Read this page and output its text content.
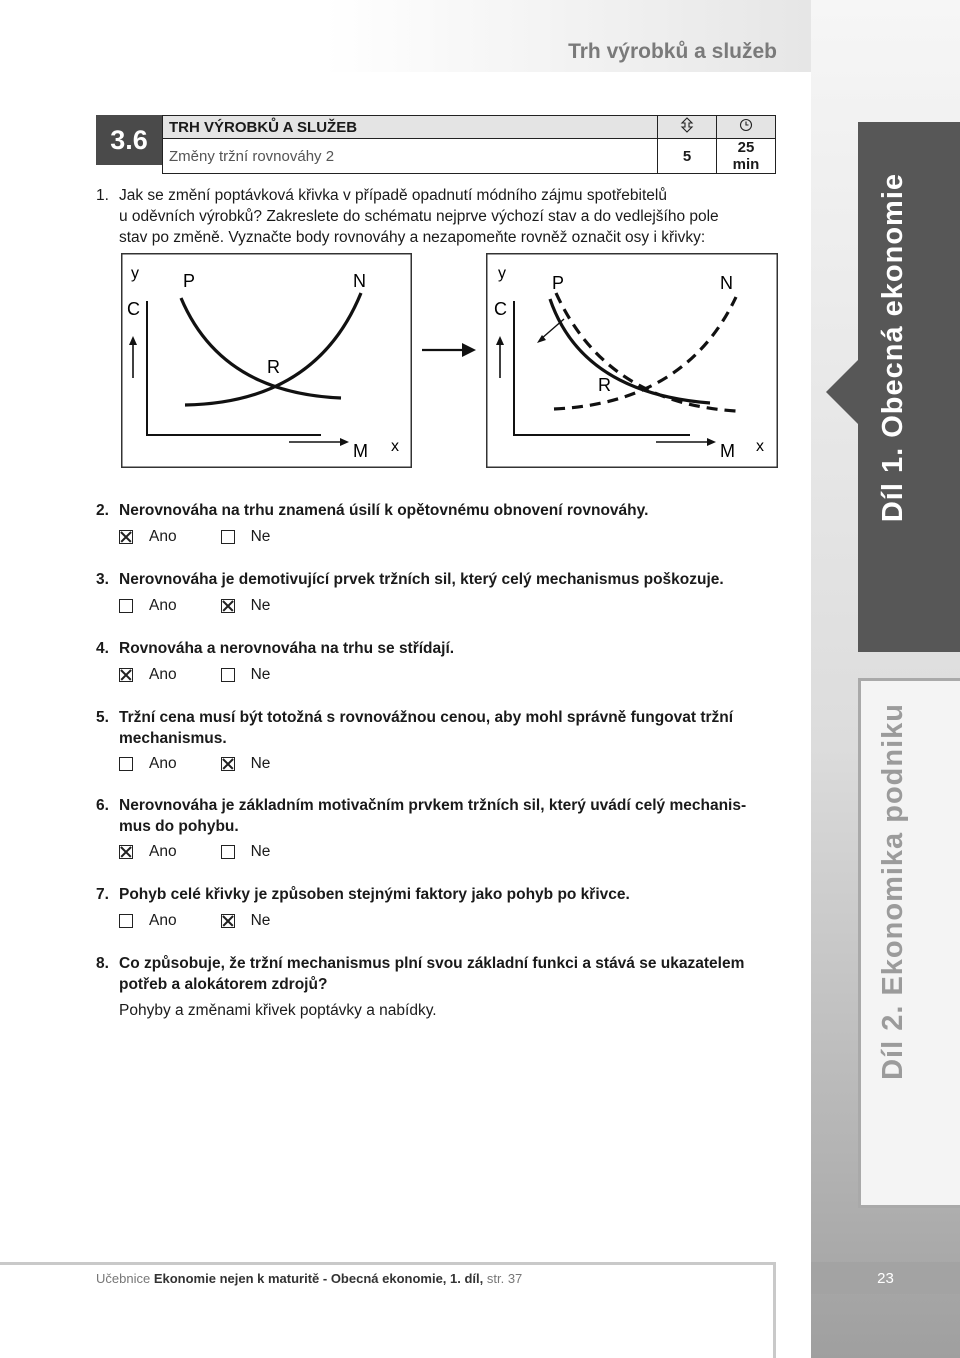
Trh výrobků a služeb
Díl 1. Obecná ekonomie
Díl 2. Ekonomika podniku
3.6	TRH VÝROBKŮ A SLUŽEB		
Změny tržní rovnováhy 2	5	25 min
1. Jak se změní poptávková křivka v případě opadnutí módního zájmu spotřebitelů
u oděvních výrobků? Zakreslete do schématu nejprve výchozí stav a do vedlejšího pole
stav po změně. Vyznačte body rovnováhy a nezapomeňte rovněž označit osy i křivky:
y
C
P	N
R
M x
y
C
P	N
R
M x
2. Nerovnováha na trhu znamená úsilí k opětovnému obnovení rovnováhy.
Ano	Ne
3. Nerovnováha je demotivující prvek tržních sil, který celý mechanismus poškozuje.
Ano	Ne
4. Rovnováha a nerovnováha na trhu se střídají.
Ano	Ne
5. Tržní cena musí být totožná s rovnovážnou cenou, aby mohl správně fungovat tržní
mechanismus.
Ano	Ne
6. Nerovnováha je základním motivačním prvkem tržních sil, který uvádí celý mechanis-
mus do pohybu.
Ano	Ne
7. Pohyb celé křivky je způsoben stejnými faktory jako pohyb po křivce.
Ano	Ne
8. Co způsobuje, že tržní mechanismus plní svou základní funkci a stává se ukazatelem
potřeb a alokátorem zdrojů?
Pohyby a změnami křivek poptávky a nabídky.
Učebnice Ekonomie nejen k maturitě - Obecná ekonomie, 1. díl, str. 37	23
